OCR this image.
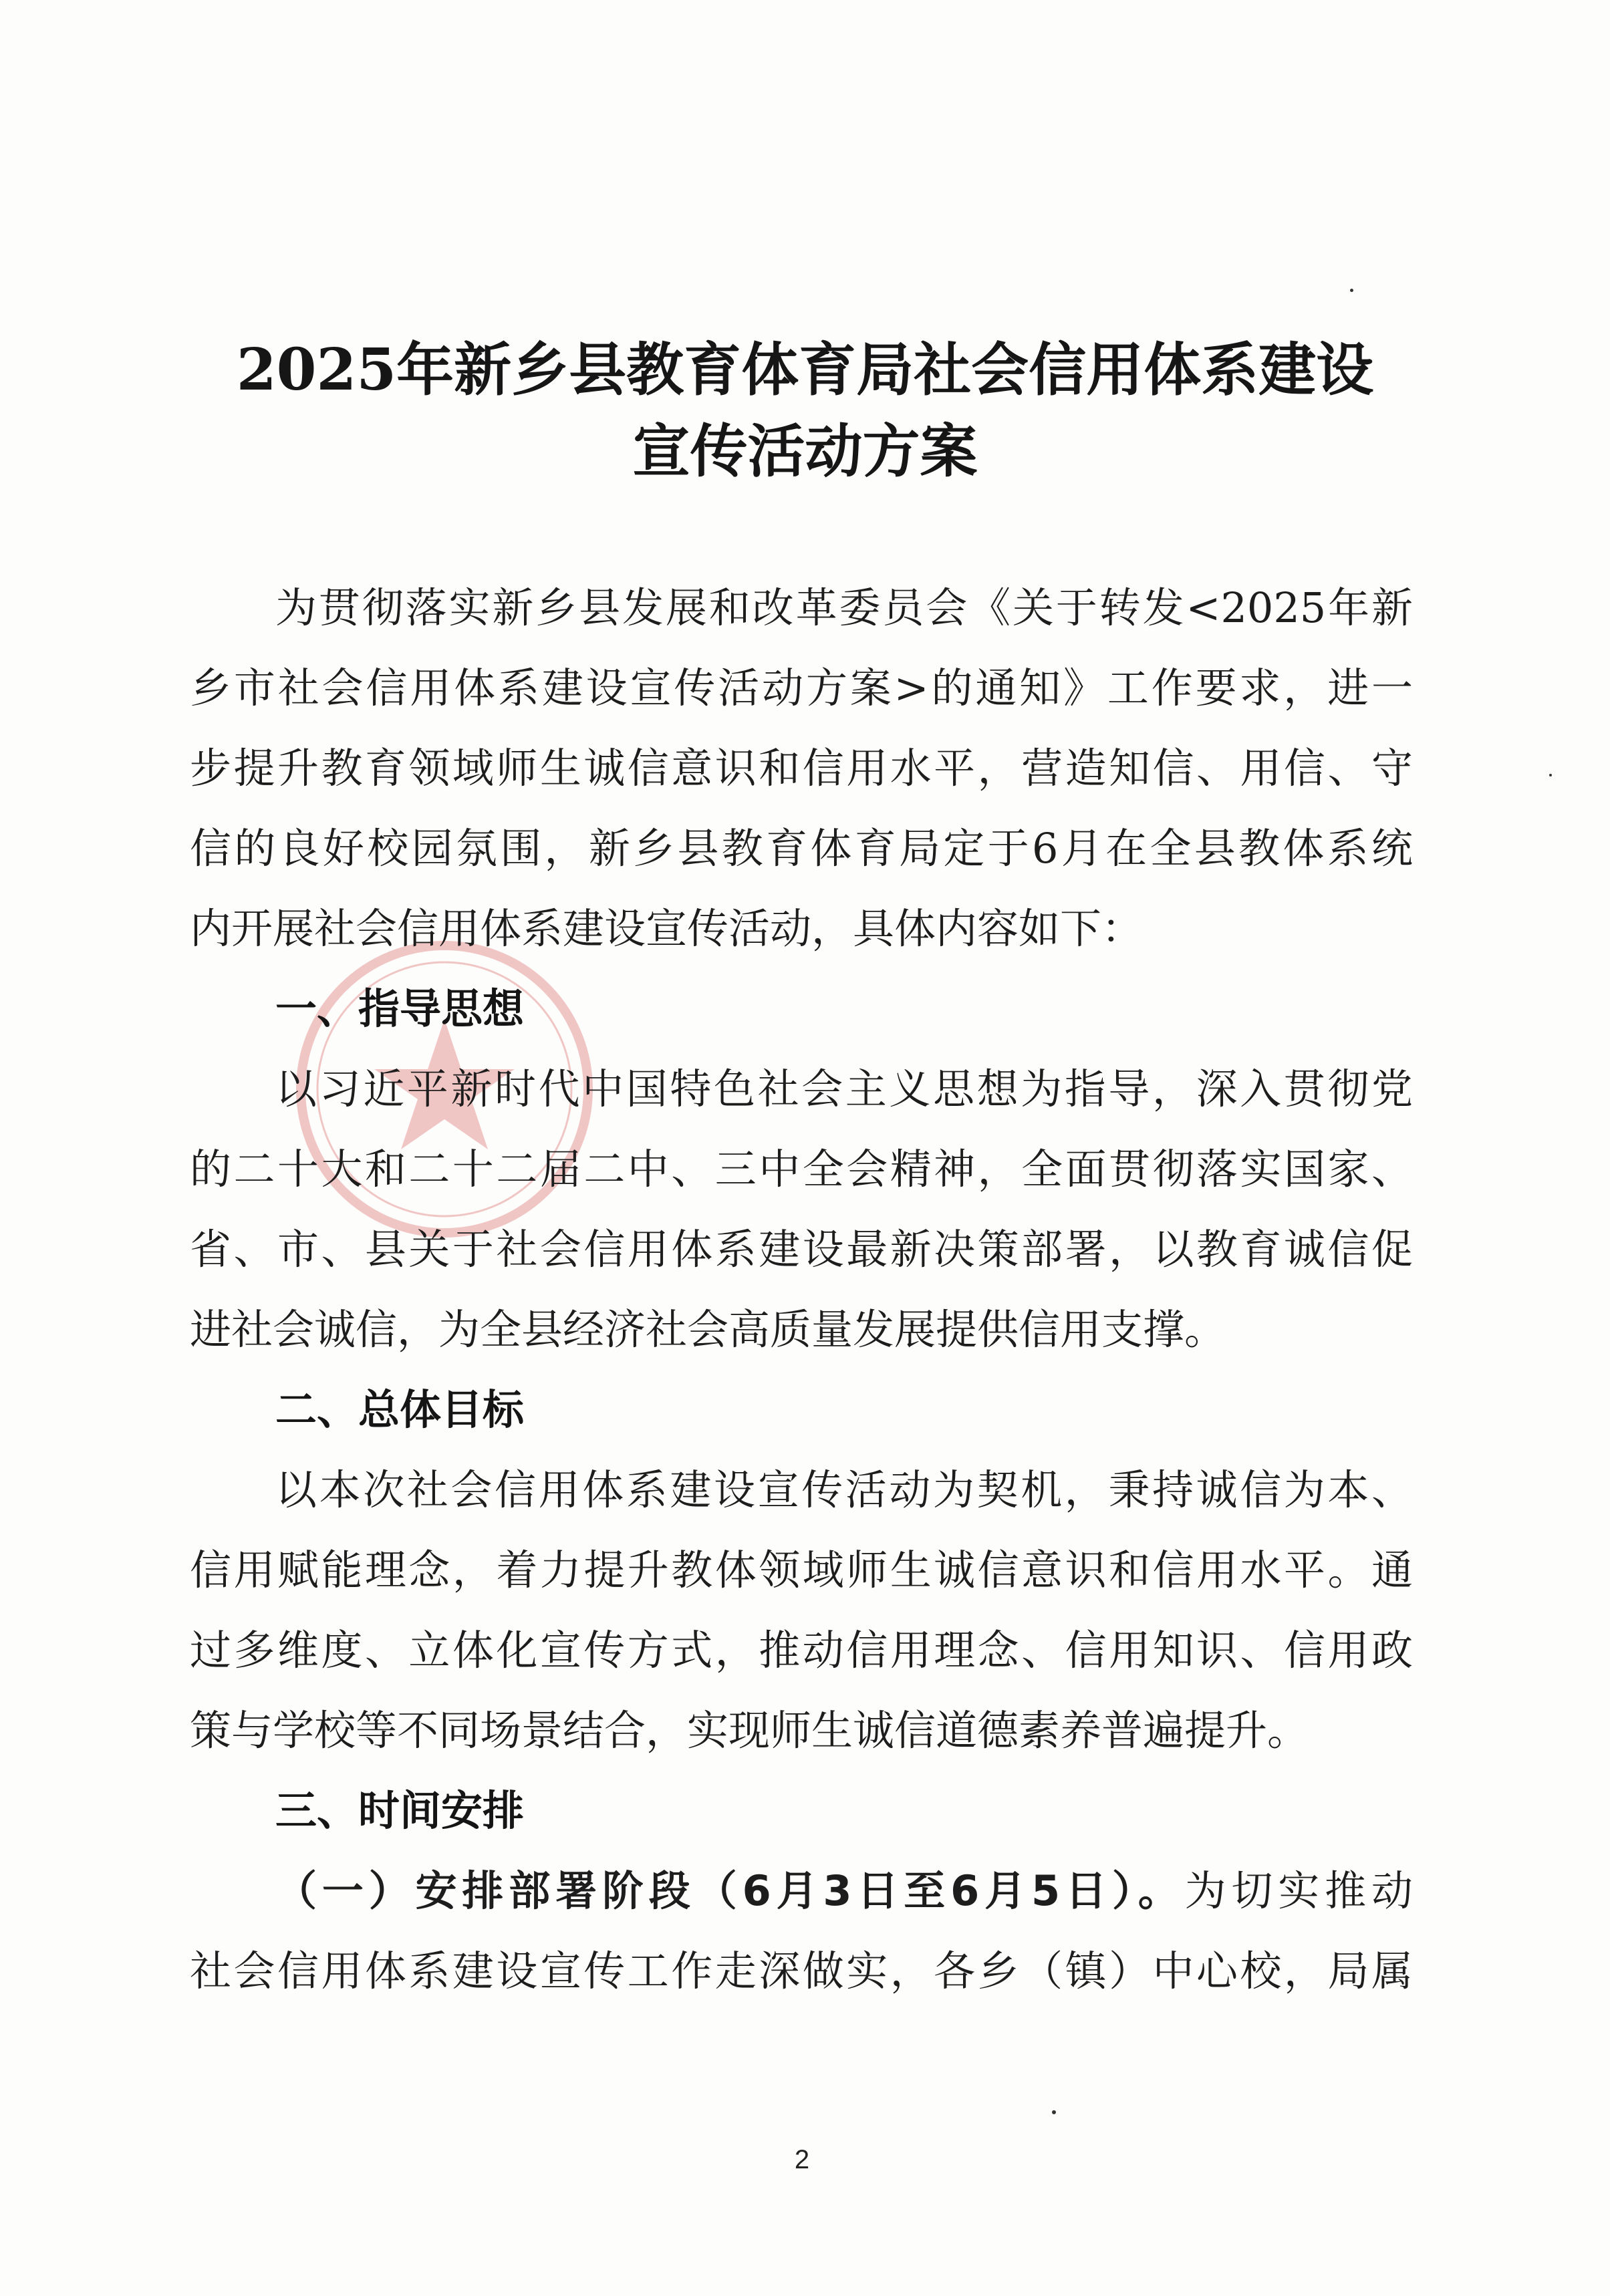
2025年新乡县教育体育局社会信用体系建设
宣传活动方案
为贯彻落实新乡县发展和改革委员会《关于转发<2025年新
乡市社会信用体系建设宣传活动方案>的通知》工作要求，进一
步提升教育领域师生诚信意识和信用水平，营造知信、用信、守
信的良好校园氛围，新乡县教育体育局定于6月在全县教体系统
内开展社会信用体系建设宣传活动，具体内容如下：
一、指导思想
以习近平新时代中国特色社会主义思想为指导，深入贯彻党
的二十大和二十二届二中、三中全会精神，全面贯彻落实国家、
省、市、县关于社会信用体系建设最新决策部署，以教育诚信促
进社会诚信，为全县经济社会高质量发展提供信用支撑。
二、总体目标
以本次社会信用体系建设宣传活动为契机，秉持诚信为本、
信用赋能理念，着力提升教体领域师生诚信意识和信用水平。通
过多维度、立体化宣传方式，推动信用理念、信用知识、信用政
策与学校等不同场景结合，实现师生诚信道德素养普遍提升。
三、时间安排
（一）安排部署阶段（6月3日至6月5日）。为切实推动
社会信用体系建设宣传工作走深做实，各乡（镇）中心校，局属
2
